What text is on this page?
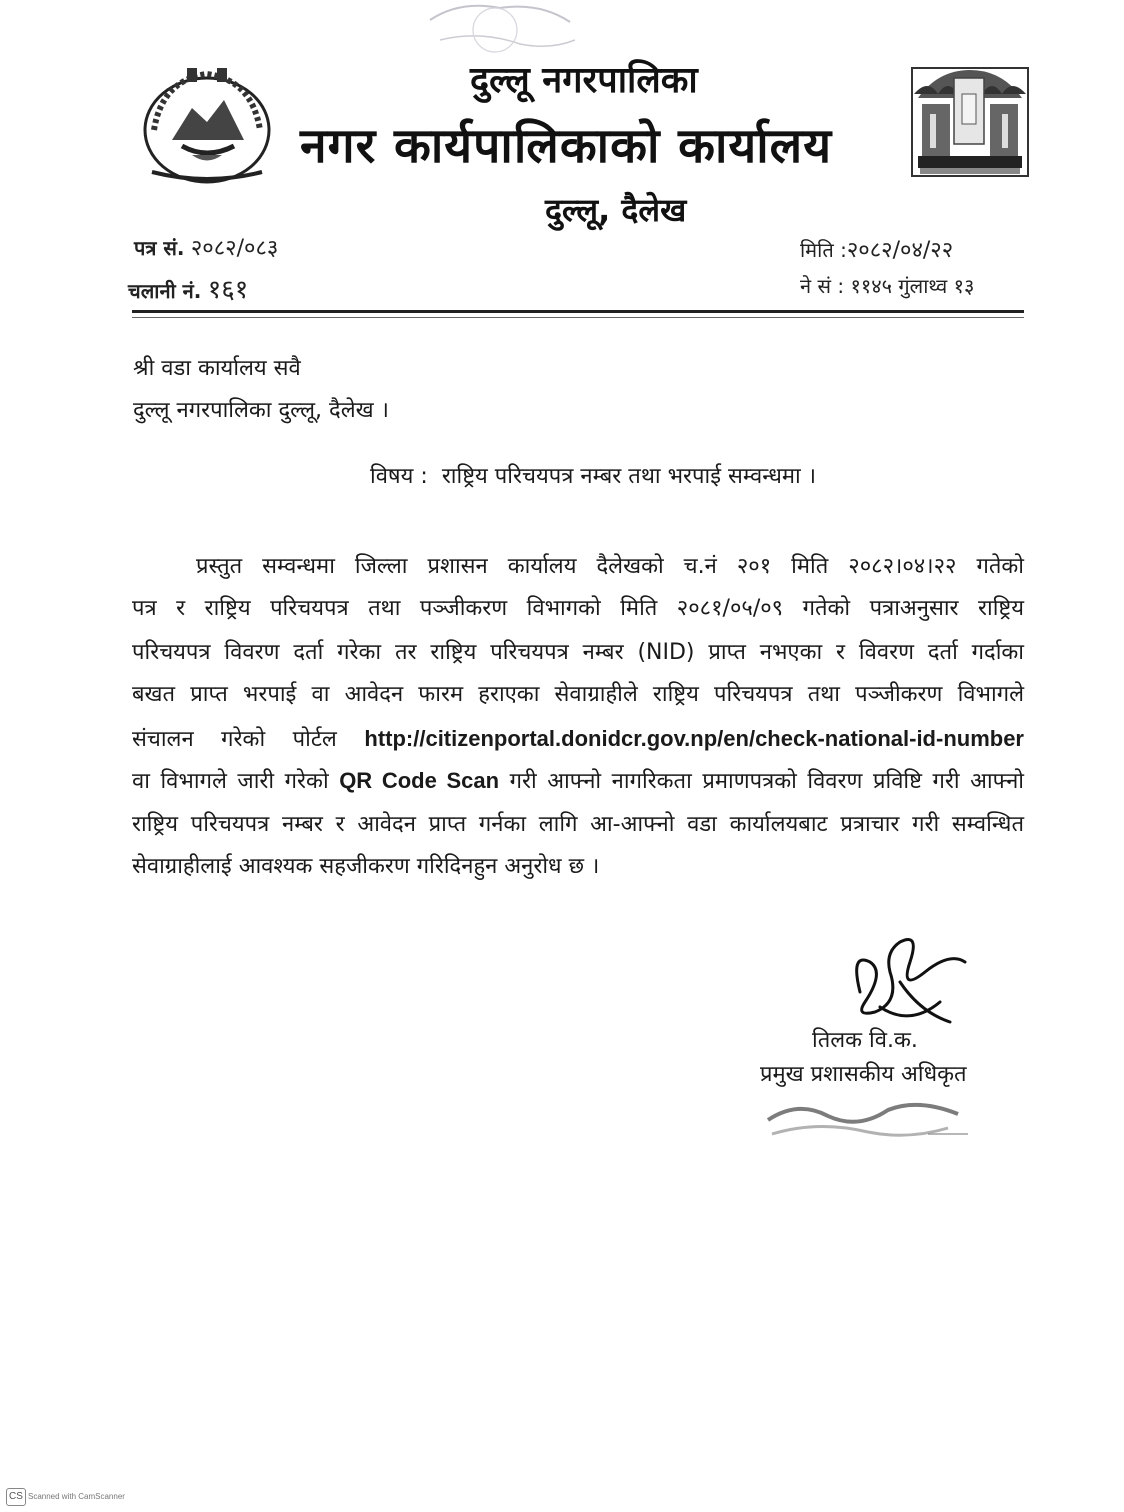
दुल्लू नगरपालिका
नगर कार्यपालिकाको कार्यालय
दुल्लू, दैलेख
पत्र सं. २०८२/०८३
चलानी नं. १६१
मिति :२०८२/०४/२२
ने सं : ११४५ गुंलाथ्व १३
श्री वडा कार्यालय सवै
दुल्लू नगरपालिका दुल्लू, दैलेख ।
विषय : राष्ट्रिय परिचयपत्र नम्बर तथा भरपाई सम्वन्धमा ।
प्रस्तुत सम्वन्धमा जिल्ला प्रशासन कार्यालय दैलेखको च.नं २०१ मिति २०८२।०४।२२ गतेको
पत्र र राष्ट्रिय परिचयपत्र तथा पञ्जीकरण विभागको मिति २०८१/०५/०९ गतेको पत्राअनुसार राष्ट्रिय
परिचयपत्र विवरण दर्ता गरेका तर राष्ट्रिय परिचयपत्र नम्बर (NID) प्राप्त नभएका र विवरण दर्ता गर्दाका
बखत प्राप्त भरपाई वा आवेदन फारम हराएका सेवाग्राहीले राष्ट्रिय परिचयपत्र तथा पञ्जीकरण विभागले
संचालन गरेको पोर्टल http://citizenportal.donidcr.gov.np/en/check-national-id-number
वा विभागले जारी गरेको QR Code Scan गरी आफ्नो नागरिकता प्रमाणपत्रको विवरण प्रविष्टि गरी आफ्नो
राष्ट्रिय परिचयपत्र नम्बर र आवेदन प्राप्त गर्नका लागि आ-आफ्नो वडा कार्यालयबाट प्रत्राचार गरी सम्वन्धित
सेवाग्राहीलाई आवश्यक सहजीकरण गरिदिनहुन अनुरोध छ ।
तिलक वि.क.
प्रमुख प्रशासकीय अधिकृत
CS Scanned with CamScanner
